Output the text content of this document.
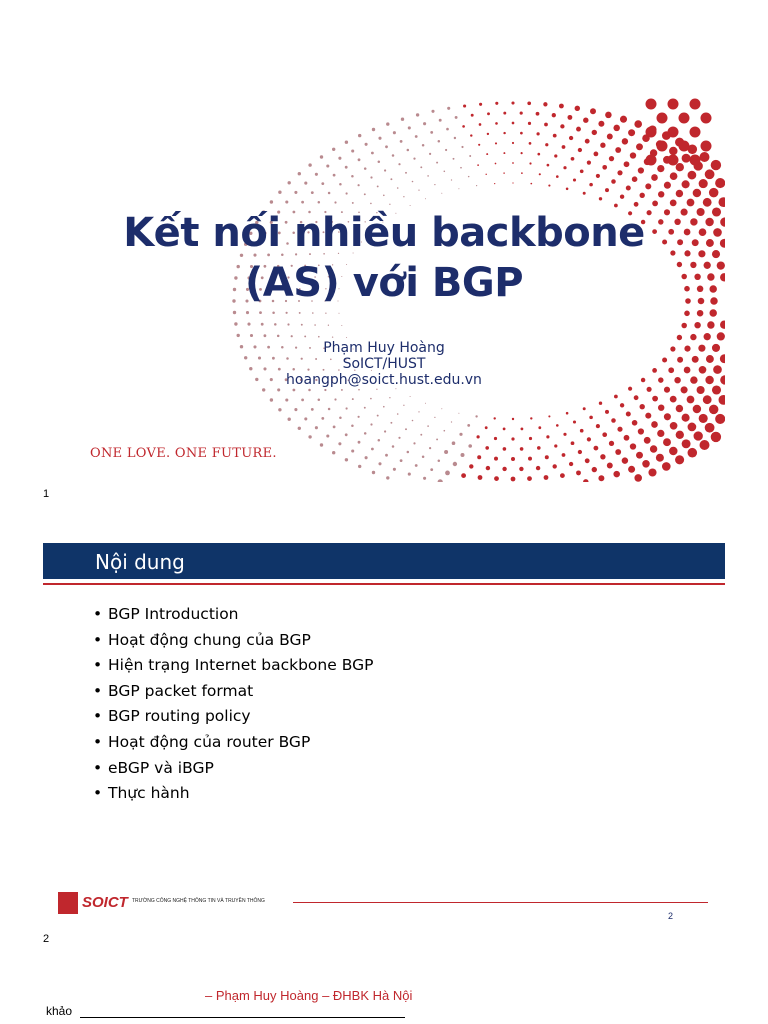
Kết nối nhiều backbone
(AS) với BGP
Phạm Huy Hoàng
SoICT/HUST
hoangph@soict.hust.edu.vn
ONE LOVE. ONE FUTURE.
1
Nội dung
• BGP Introduction
• Hoạt động chung của BGP
• Hiện trạng Internet backbone BGP
• BGP packet format
• BGP routing policy
• Hoạt động của router BGP
• eBGP và iBGP
• Thực hành
SOICT TRƯỜNG CÔNG NGHỆ THÔNG TIN VÀ TRUYỀN THÔNG
2
2
– Phạm Huy Hoàng – ĐHBK Hà Nội
khảo
